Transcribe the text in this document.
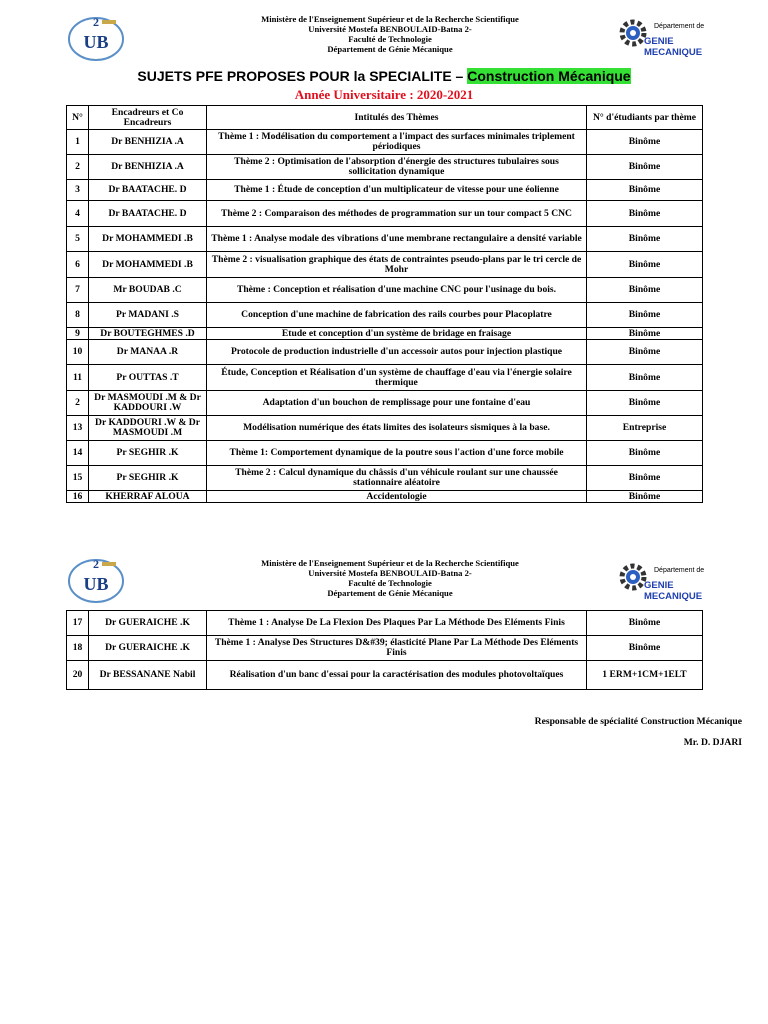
2
UB
Ministère de l'Enseignement Supérieur et de la Recherche Scientifique
Université Mostefa BENBOULAID-Batna 2-
Faculté de Technologie
Département de Génie Mécanique
Département de
GENIE MECANIQUE
SUJETS PFE PROPOSES POUR la SPECIALITE – Construction Mécanique
Année Universitaire : 2020-2021
N°	Encadreurs et Co Encadreurs	Intitulés des Thèmes	N° d'étudiants par thème
1	Dr BENHIZIA .A	Thème 1 : Modélisation du comportement a l'impact des surfaces minimales triplement périodiques	Binôme
2	Dr BENHIZIA .A	Thème 2 : Optimisation de l'absorption d'énergie des structures tubulaires sous sollicitation dynamique	Binôme
3	Dr BAATACHE. D	Thème 1 : Étude de conception d'un multiplicateur de vitesse pour une éolienne	Binôme
4	Dr BAATACHE. D	Thème 2 : Comparaison des méthodes de programmation sur un tour compact 5 CNC	Binôme
5	Dr MOHAMMEDI .B	Thème 1 : Analyse modale des vibrations d'une membrane rectangulaire a densité variable	Binôme
6	Dr MOHAMMEDI .B	Thème 2 : visualisation graphique des états de contraintes pseudo-plans par le tri cercle de Mohr	Binôme
7	Mr BOUDAB .C	Thème : Conception et réalisation d'une machine CNC pour l'usinage du bois.	Binôme
8	Pr MADANI .S	Conception d'une machine de fabrication des rails courbes pour Placoplatre	Binôme
9	Dr BOUTEGHMES .D	Etude et conception d'un système de bridage en fraisage	Binôme
10	Dr MANAA .R	Protocole de production industrielle d'un accessoir autos pour injection plastique	Binôme
11	Pr OUTTAS .T	Étude, Conception et Réalisation d'un système de chauffage d'eau via l'énergie solaire thermique	Binôme
2	Dr MASMOUDI .M & Dr KADDOURI .W	Adaptation d'un bouchon de remplissage pour une fontaine d'eau	Binôme
13	Dr KADDOURI .W & Dr MASMOUDI .M	Modélisation numérique des états limites des isolateurs sismiques à la base.	Entreprise
14	Pr SEGHIR .K	Thème 1: Comportement dynamique de la poutre sous l'action d'une force mobile	Binôme
15	Pr SEGHIR .K	Thème 2 : Calcul dynamique du châssis d'un véhicule roulant sur une chaussée stationnaire aléatoire	Binôme
16	KHERRAF ALOUA	Accidentologie	Binôme
2
UB
Ministère de l'Enseignement Supérieur et de la Recherche Scientifique
Université Mostefa BENBOULAID-Batna 2-
Faculté de Technologie
Département de Génie Mécanique
Département de
GENIE MECANIQUE
17	Dr GUERAICHE .K	Thème 1 : Analyse De La Flexion Des Plaques Par La Méthode Des Eléments Finis	Binôme
18	Dr GUERAICHE .K	Thème 1 : Analyse Des Structures D&#39; élasticité Plane Par La Méthode Des Eléments Finis	Binôme
20	Dr BESSANANE Nabil	Réalisation d'un banc d'essai pour la caractérisation des modules photovoltaïques	1 ERM+1CM+1ELT
Responsable de spécialité Construction Mécanique
Mr. D. DJARI
